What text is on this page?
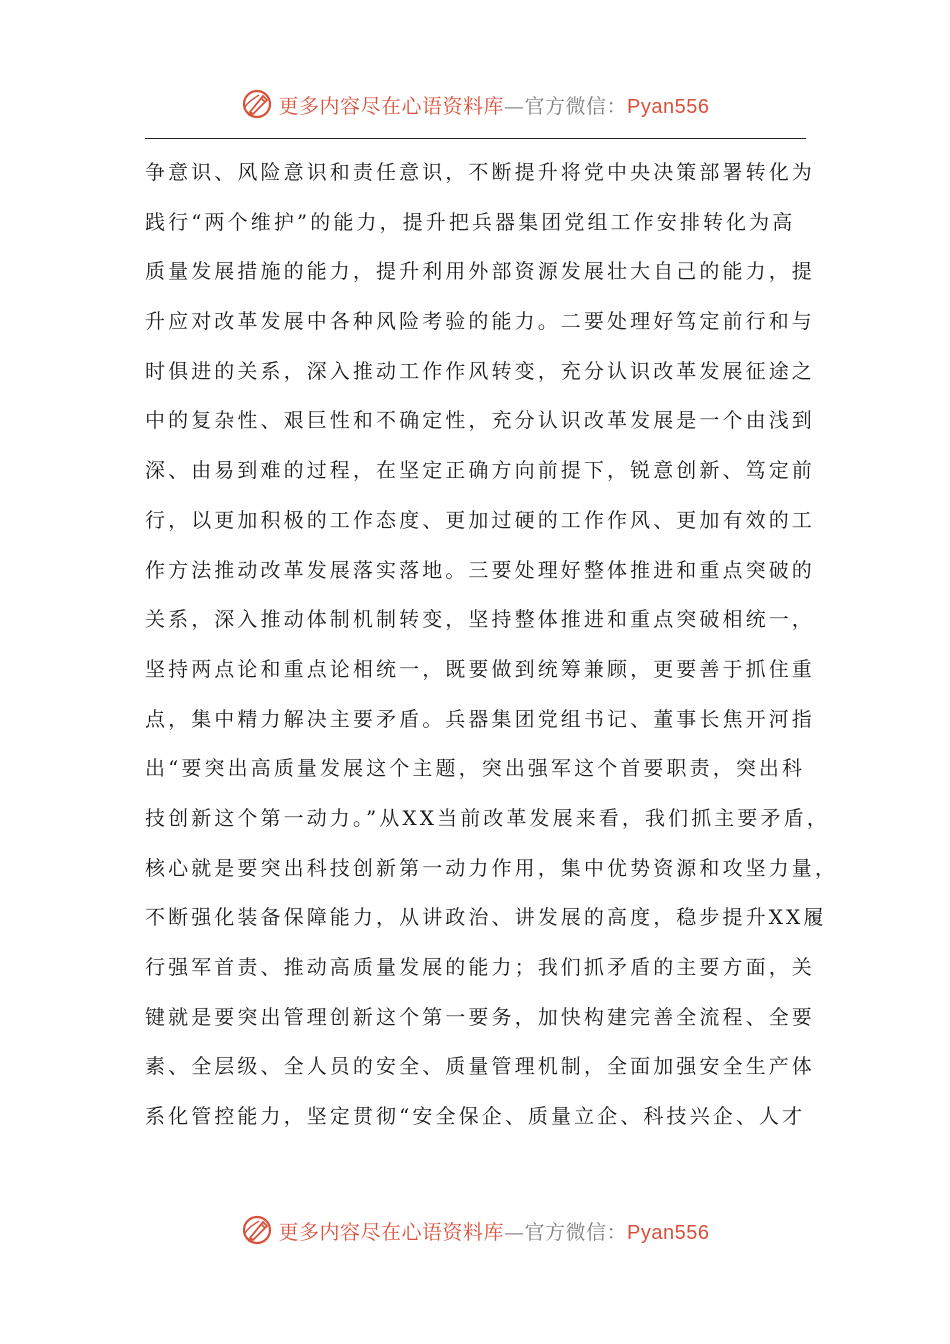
更多内容尽在心语资料库—官方微信：Pyan556
争意识、风险意识和责任意识，不断提升将党中央决策部署转化为
践行“两个维护”的能力，提升把兵器集团党组工作安排转化为高
质量发展措施的能力，提升利用外部资源发展壮大自己的能力，提
升应对改革发展中各种风险考验的能力。二要处理好笃定前行和与
时俱进的关系，深入推动工作作风转变，充分认识改革发展征途之
中的复杂性、艰巨性和不确定性，充分认识改革发展是一个由浅到
深、由易到难的过程，在坚定正确方向前提下，锐意创新、笃定前
行，以更加积极的工作态度、更加过硬的工作作风、更加有效的工
作方法推动改革发展落实落地。三要处理好整体推进和重点突破的
关系，深入推动体制机制转变，坚持整体推进和重点突破相统一，
坚持两点论和重点论相统一，既要做到统筹兼顾，更要善于抓住重
点，集中精力解决主要矛盾。兵器集团党组书记、董事长焦开河指
出“要突出高质量发展这个主题，突出强军这个首要职责，突出科
技创新这个第一动力。”从XX当前改革发展来看，我们抓主要矛盾，
核心就是要突出科技创新第一动力作用，集中优势资源和攻坚力量，
不断强化装备保障能力，从讲政治、讲发展的高度，稳步提升XX履
行强军首责、推动高质量发展的能力；我们抓矛盾的主要方面，关
键就是要突出管理创新这个第一要务，加快构建完善全流程、全要
素、全层级、全人员的安全、质量管理机制，全面加强安全生产体
系化管控能力，坚定贯彻“安全保企、质量立企、科技兴企、人才
更多内容尽在心语资料库—官方微信：Pyan556
